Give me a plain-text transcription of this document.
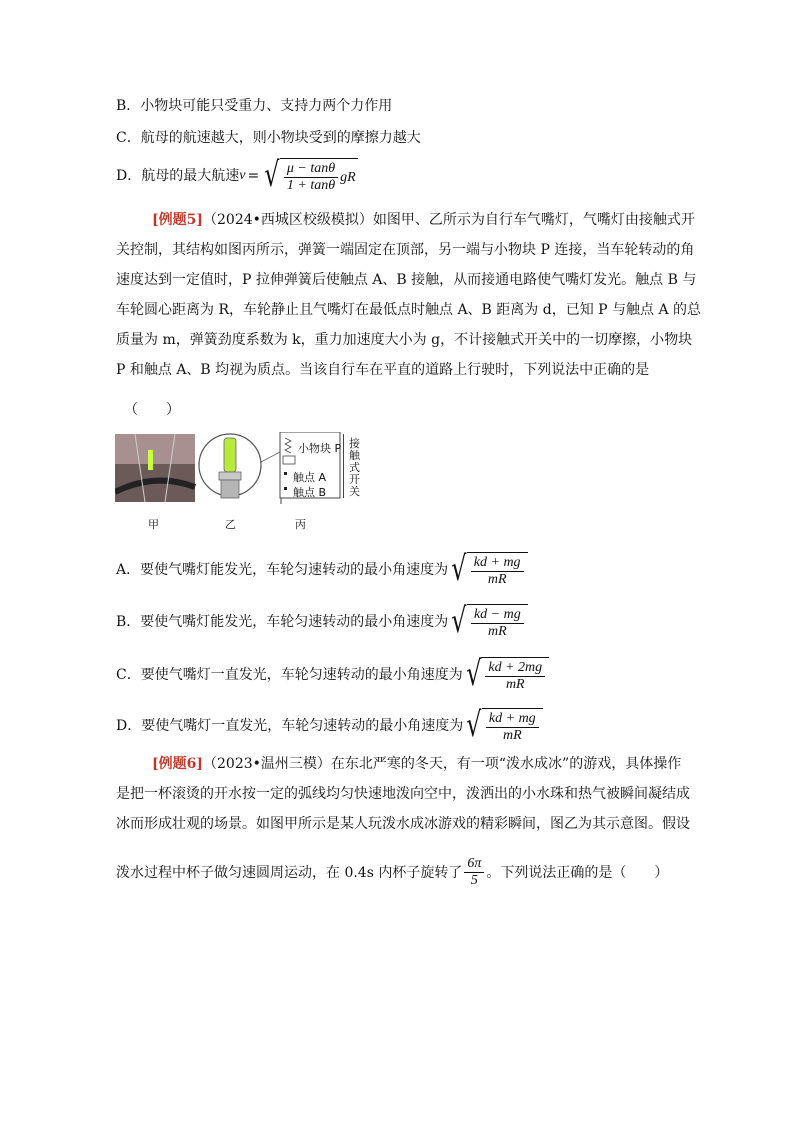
B．小物块可能只受重力、支持力两个力作用
C．航母的航速越大，则小物块受到的摩擦力越大
D．航母的最大航速 v = √ $\frac{\mu - \tan\theta}{1 + \tan\theta}$ gR
[例题5]（2024•西城区校级模拟）如图甲、乙所示为自行车气嘴灯，气嘴灯由接触式开
关控制，其结构如图丙所示，弹簧一端固定在顶部，另一端与小物块 P 连接，当车轮转动的角
速度达到一定值时，P 拉伸弹簧后使触点 A、B 接触，从而接通电路使气嘴灯发光。触点 B 与
车轮圆心距离为 R，车轮静止且气嘴灯在最低点时触点 A、B 距离为 d，已知 P 与触点 A 的总
质量为 m，弹簧劲度系数为 k，重力加速度大小为 g，不计接触式开关中的一切摩擦，小物块
P 和触点 A、B 均视为质点。当该自行车在平直的道路上行驶时，下列说法中正确的是
（　　）
小物块 P
触点 A
触点 B
接触式开关
甲	乙	丙
A．要使气嘴灯能发光，车轮匀速转动的最小角速度为 √ $\frac{kd + mg}{mR}$
B．要使气嘴灯能发光，车轮匀速转动的最小角速度为 √ $\frac{kd - mg}{mR}$
C．要使气嘴灯一直发光，车轮匀速转动的最小角速度为 √ $\frac{kd + 2mg}{mR}$
D．要使气嘴灯一直发光，车轮匀速转动的最小角速度为 √ $\frac{kd + mg}{mR}$
[例题6]（2023•温州三模）在东北严寒的冬天，有一项“泼水成冰”的游戏，具体操作
是把一杯滚烫的开水按一定的弧线均匀快速地泼向空中，泼洒出的小水珠和热气被瞬间凝结成
冰而形成壮观的场景。如图甲所示是某人玩泼水成冰游戏的精彩瞬间，图乙为其示意图。假设
泼水过程中杯子做匀速圆周运动，在 0.4s 内杯子旋转了 $\frac{6\pi}{5}$ 。下列说法正确的是（　　）
